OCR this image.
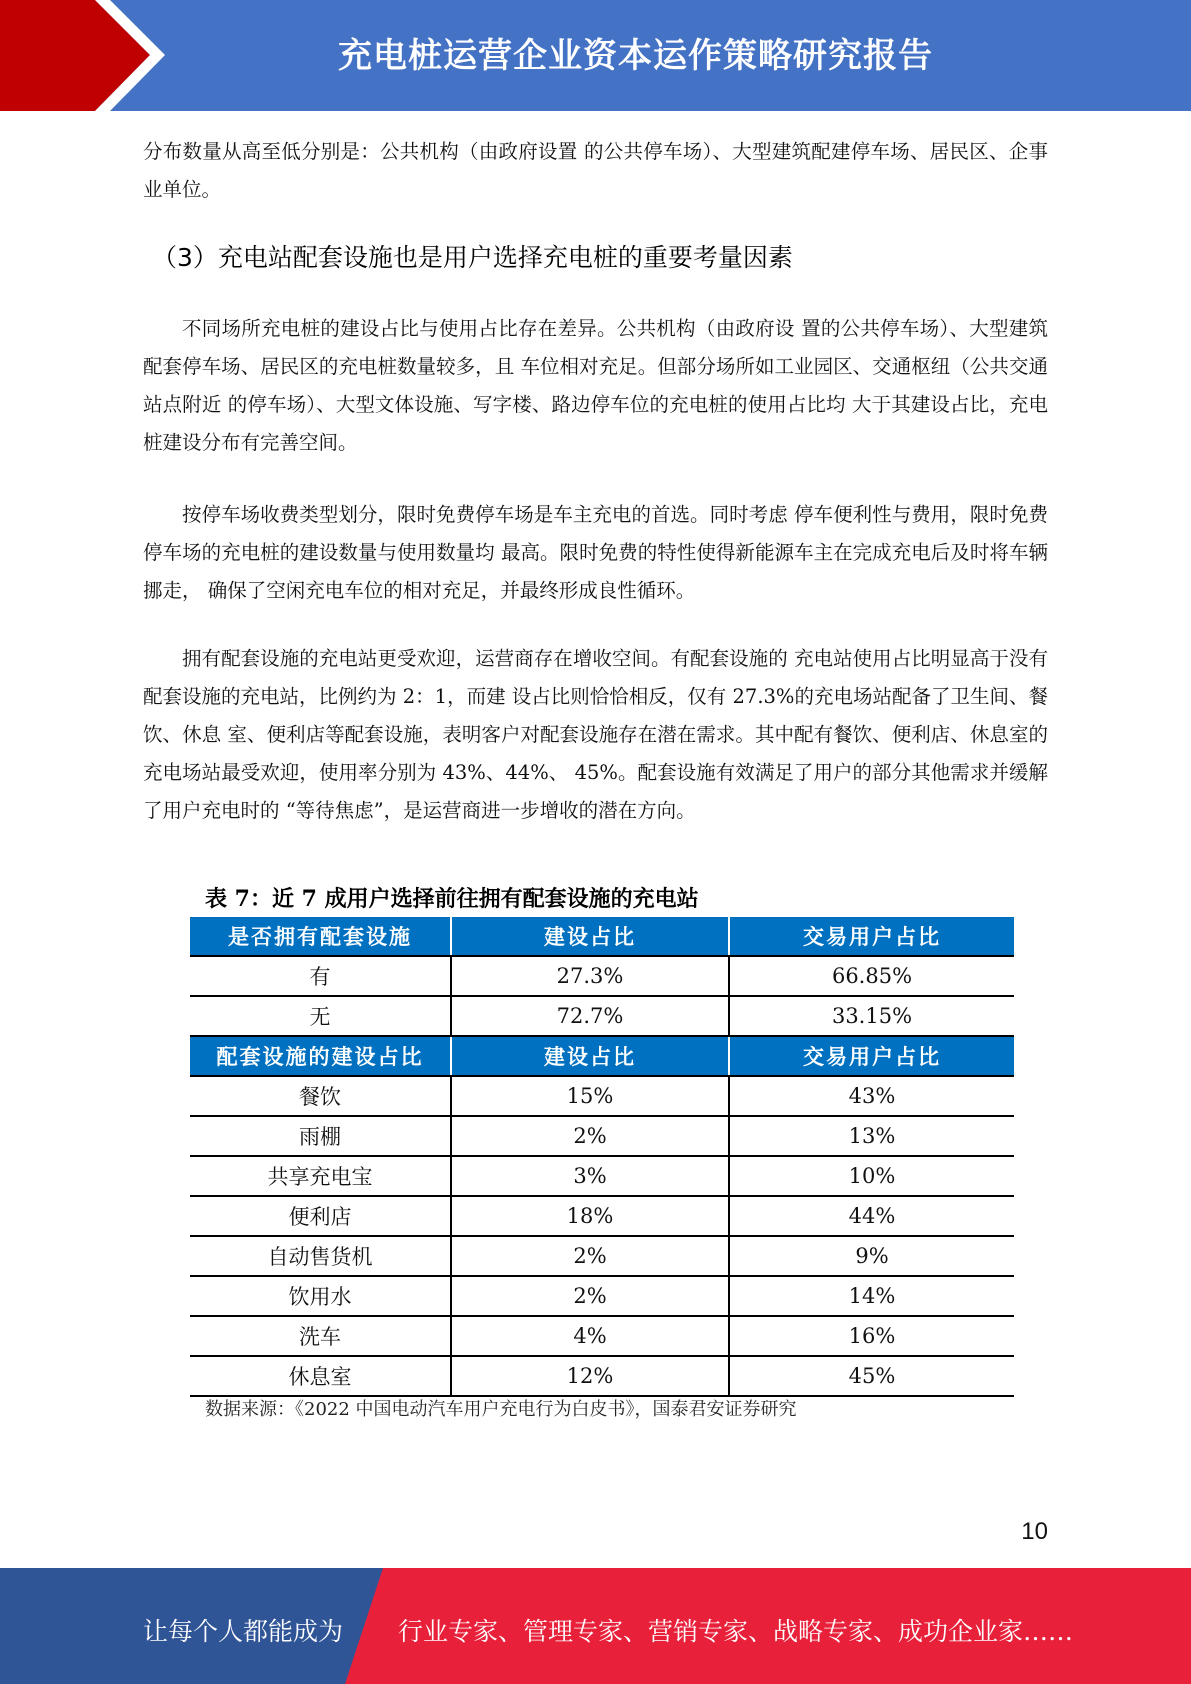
充电桩运营企业资本运作策略研究报告

分布数量从高至低分别是：公共机构（由政府设置 的公共停车场）、大型建筑配建停车场、居民区、企事业单位。

（3）充电站配套设施也是用户选择充电桩的重要考量因素

不同场所充电桩的建设占比与使用占比存在差异。公共机构（由政府设 置的公共停车场）、大型建筑配套停车场、居民区的充电桩数量较多，且 车位相对充足。但部分场所如工业园区、交通枢纽（公共交通站点附近 的停车场）、大型文体设施、写字楼、路边停车位的充电桩的使用占比均 大于其建设占比，充电桩建设分布有完善空间。

按停车场收费类型划分，限时免费停车场是车主充电的首选。同时考虑 停车便利性与费用，限时免费停车场的充电桩的建设数量与使用数量均 最高。限时免费的特性使得新能源车主在完成充电后及时将车辆挪走， 确保了空闲充电车位的相对充足，并最终形成良性循环。

拥有配套设施的充电站更受欢迎，运营商存在增收空间。有配套设施的 充电站使用占比明显高于没有配套设施的充电站，比例约为 2：1，而建 设占比则恰恰相反，仅有 27.3%的充电场站配备了卫生间、餐饮、休息 室、便利店等配套设施，表明客户对配套设施存在潜在需求。其中配有餐饮、便利店、休息室的充电场站最受欢迎，使用率分别为 43%、44%、 45%。配套设施有效满足了用户的部分其他需求并缓解了用户充电时的 “等待焦虑”，是运营商进一步增收的潜在方向。

表 7：近 7 成用户选择前往拥有配套设施的充电站
是否拥有配套设施	建设占比	交易用户占比
有	27.3%	66.85%
无	72.7%	33.15%
配套设施的建设占比	建设占比	交易用户占比
餐饮	15%	43%
雨棚	2%	13%
共享充电宝	3%	10%
便利店	18%	44%
自动售货机	2%	9%
饮用水	2%	14%
洗车	4%	16%
休息室	12%	45%
数据来源：《2022 中国电动汽车用户充电行为白皮书》，国泰君安证券研究
10
让每个人都能成为 行业专家、管理专家、营销专家、战略专家、成功企业家……
